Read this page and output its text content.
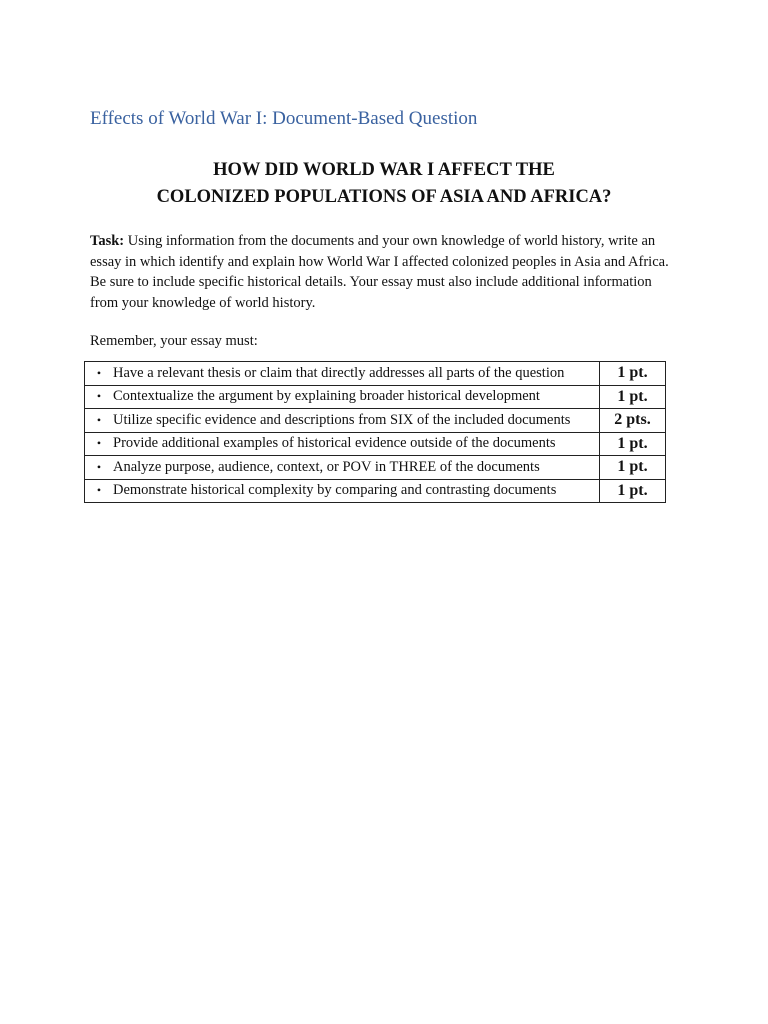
Effects of World War I: Document-Based Question
HOW DID WORLD WAR I AFFECT THE
COLONIZED POPULATIONS OF ASIA AND AFRICA?
Task: Using information from the documents and your own knowledge of world history, write an essay in which identify and explain how World War I affected colonized peoples in Asia and Africa. Be sure to include specific historical details. Your essay must also include additional information from your knowledge of world history.
Remember, your essay must:
• Have a relevant thesis or claim that directly addresses all parts of the question	1 pt.
• Contextualize the argument by explaining broader historical development	1 pt.
• Utilize specific evidence and descriptions from SIX of the included documents	2 pts.
• Provide additional examples of historical evidence outside of the documents	1 pt.
• Analyze purpose, audience, context, or POV in THREE of the documents	1 pt.
• Demonstrate historical complexity by comparing and contrasting documents	1 pt.
